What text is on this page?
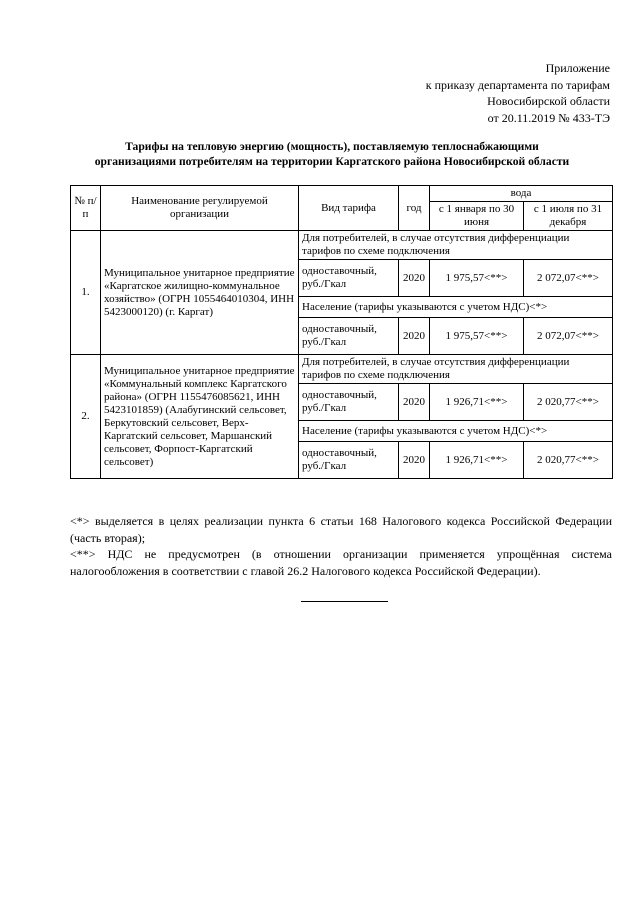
Приложение
к приказу департамента по тарифам
Новосибирской области
от 20.11.2019 № 433-ТЭ
Тарифы на тепловую энергию (мощность), поставляемую теплоснабжающими
организациями потребителям на территории Каргатского района Новосибирской области
№ п/п	Наименование регулируемой организации	Вид тарифа	год	вода	
				с 1 января по 30 июня	с 1 июля по 31 декабря
1.	Муниципальное унитарное предприятие «Каргатское жилищно-коммунальное хозяйство» (ОГРН 1055464010304, ИНН 5423000120) (г. Каргат)	Для потребителей, в случае отсутствия дифференциации тарифов по схеме подключения			
		одноставочный, руб./Гкал	2020	1 975,57<**>	2 072,07<**>
		Население (тарифы указываются с учетом НДС)<*>			
		одноставочный, руб./Гкал	2020	1 975,57<**>	2 072,07<**>
2.	Муниципальное унитарное предприятие «Коммунальный комплекс Каргатского района» (ОГРН 1155476085621, ИНН 5423101859) (Алабугинский сельсовет, Беркутовский сельсовет, Верх-Каргатский сельсовет, Маршанский сельсовет, Форпост-Каргатский сельсовет)	Для потребителей, в случае отсутствия дифференциации тарифов по схеме подключения			
		одноставочный, руб./Гкал	2020	1 926,71<**>	2 020,77<**>
		Население (тарифы указываются с учетом НДС)<*>			
		одноставочный, руб./Гкал	2020	1 926,71<**>	2 020,77<**>

<*> выделяется в целях реализации пункта 6 статьи 168 Налогового кодекса Российской Федерации (часть вторая);

<**> НДС не предусмотрен (в отношении организации применяется упрощённая система налогообложения в соответствии с главой 26.2 Налогового кодекса Российской Федерации).
